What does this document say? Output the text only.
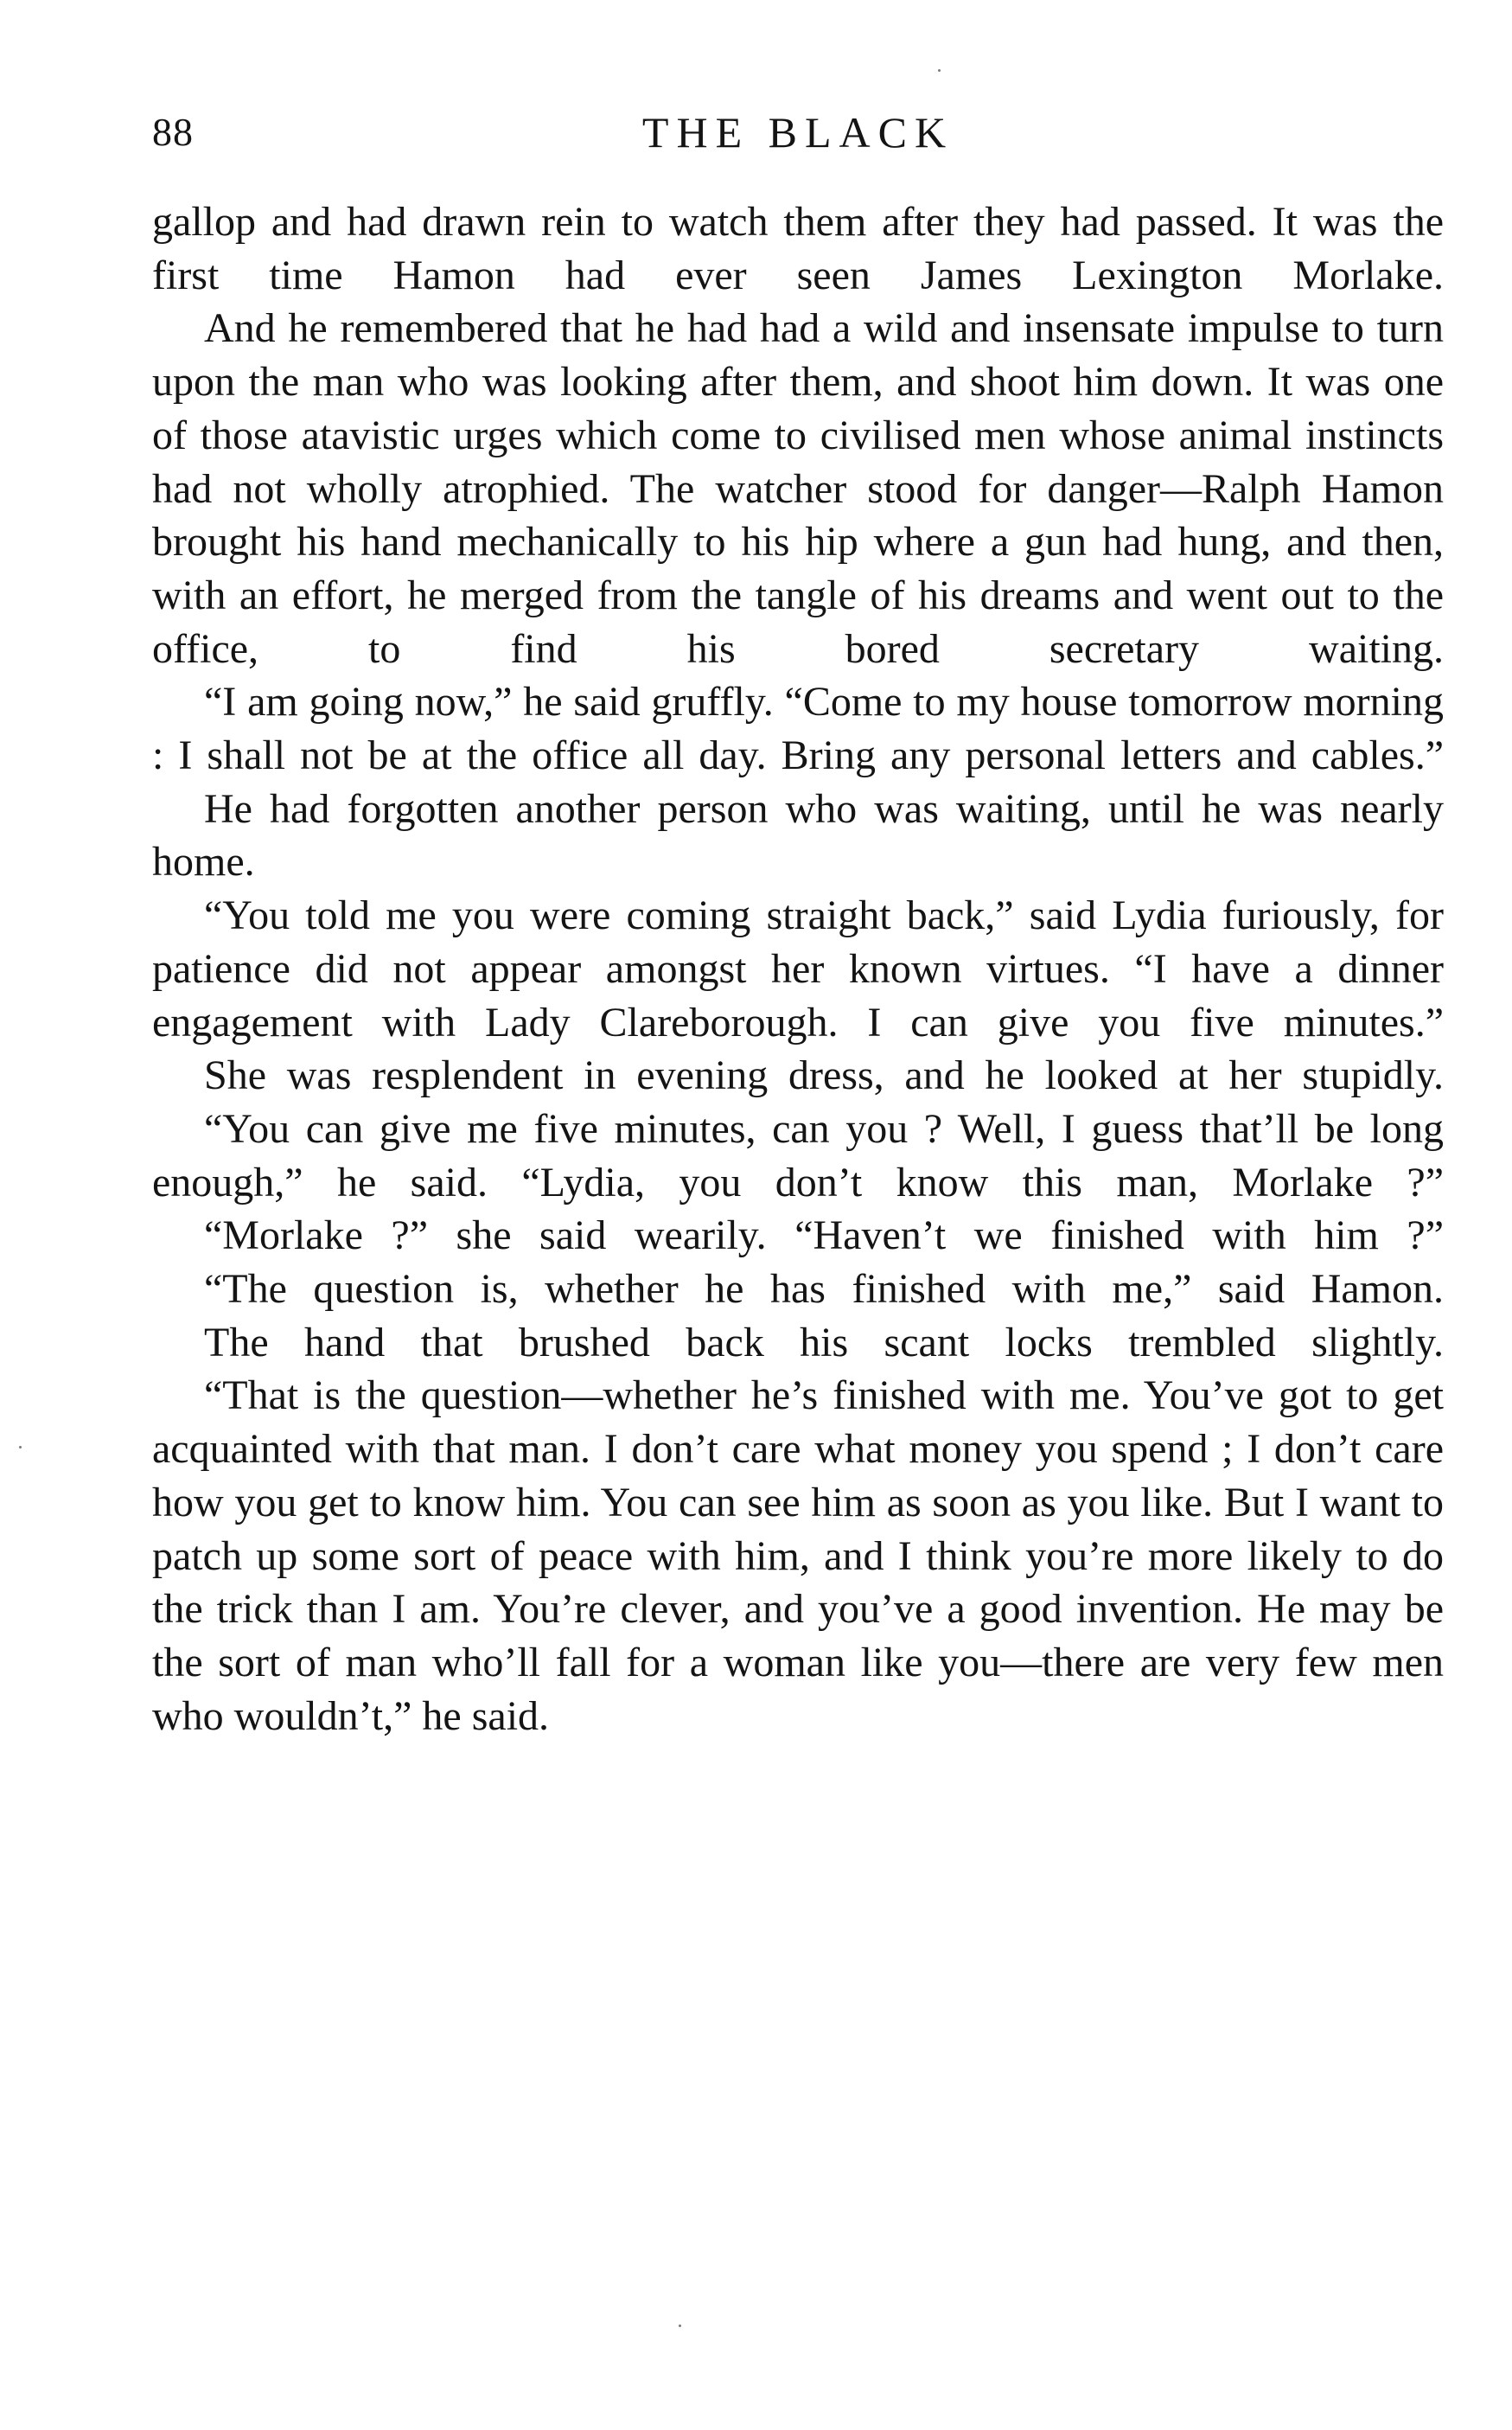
88	THE BLACK

gallop and had drawn rein to watch them after they had passed. It was the first time Hamon had ever seen James Lexington Morlake.

And he remembered that he had had a wild and insensate impulse to turn upon the man who was looking after them, and shoot him down. It was one of those atavistic urges which come to civilised men whose animal instincts had not wholly atrophied. The watcher stood for danger—Ralph Hamon brought his hand mechanically to his hip where a gun had hung, and then, with an effort, he merged from the tangle of his dreams and went out to the office, to find his bored secretary waiting.

“I am going now,” he said gruffly. “Come to my house tomorrow morning : I shall not be at the office all day. Bring any personal letters and cables.”

He had forgotten another person who was waiting, until he was nearly home.

“You told me you were coming straight back,” said Lydia furiously, for patience did not appear amongst her known virtues. “I have a dinner engagement with Lady Clareborough. I can give you five minutes.”

She was resplendent in evening dress, and he looked at her stupidly.

“You can give me five minutes, can you ? Well, I guess that’ll be long enough,” he said. “Lydia, you don’t know this man, Morlake ?”

“Morlake ?” she said wearily. “Haven’t we finished with him ?”

“The question is, whether he has finished with me,” said Hamon.

The hand that brushed back his scant locks trembled slightly.

“That is the question—whether he’s finished with me. You’ve got to get acquainted with that man. I don’t care what money you spend ; I don’t care how you get to know him. You can see him as soon as you like. But I want to patch up some sort of peace with him, and I think you’re more likely to do the trick than I am. You’re clever, and you’ve a good invention. He may be the sort of man who’ll fall for a woman like you—there are very few men who wouldn’t,” he said.
